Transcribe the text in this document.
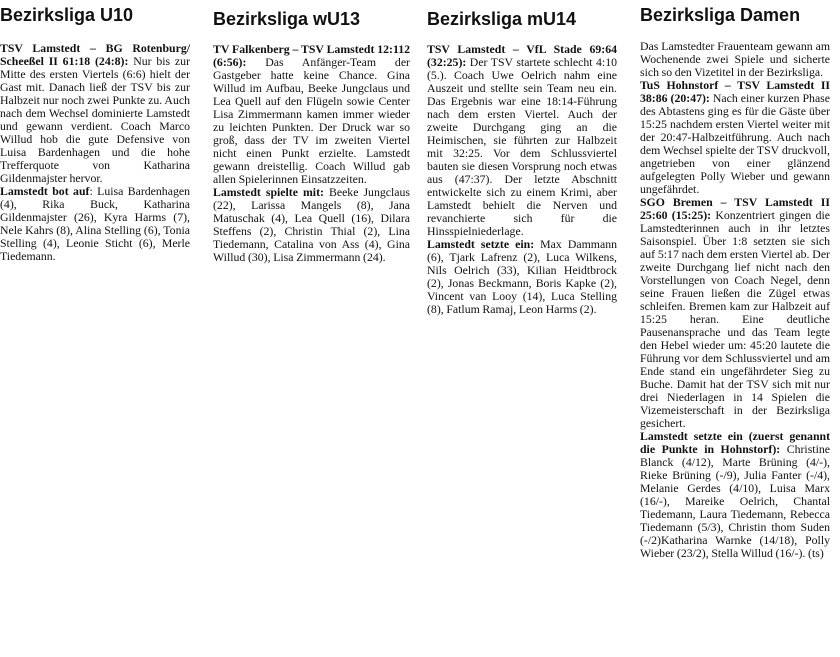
Bezirksliga U10

TSV Lamstedt – BG Rotenburg/ Scheeßel II 61:18 (24:8): Nur bis zur Mitte des ersten Viertels (6:6) hielt der Gast mit. Danach ließ der TSV bis zur Halbzeit nur noch zwei Punkte zu. Auch nach dem Wechsel dominierte Lamstedt und gewann verdient. Coach Marco Willud hob die gute Defensive von Luisa Bardenhagen und die hohe Trefferquote von Katharina Gildenmajster hervor.

Lamstedt bot auf: Luisa Bardenhagen (4), Rika Buck, Katharina Gildenmajster (26), Kyra Harms (7), Nele Kahrs (8), Alina Stelling (6), Tonia Stelling (4), Leonie Sticht (6), Merle Tiedemann.

Bezirksliga wU13

TV Falkenberg – TSV Lamstedt 12:112 (6:56): Das Anfänger-Team der Gastgeber hatte keine Chance. Gina Willud im Aufbau, Beeke Jungclaus und Lea Quell auf den Flügeln sowie Center Lisa Zimmermann kamen immer wieder zu leichten Punkten. Der Druck war so groß, dass der TV im zweiten Viertel nicht einen Punkt erzielte. Lamstedt gewann dreistellig. Coach Willud gab allen Spielerinnen Einsatzzeiten.

Lamstedt spielte mit: Beeke Jungclaus (22), Larissa Mangels (8), Jana Matuschak (4), Lea Quell (16), Dilara Steffens (2), Christin Thial (2), Lina Tiedemann, Catalina von Ass (4), Gina Willud (30), Lisa Zimmermann (24).

Bezirksliga mU14

TSV Lamstedt – VfL Stade 69:64 (32:25): Der TSV startete schlecht 4:10 (5.). Coach Uwe Oelrich nahm eine Auszeit und stellte sein Team neu ein. Das Ergebnis war eine 18:14-Führung nach dem ersten Viertel. Auch der zweite Durchgang ging an die Heimischen, sie führten zur Halbzeit mit 32:25. Vor dem Schlussviertel bauten sie diesen Vorsprung noch etwas aus (47:37). Der letzte Abschnitt entwickelte sich zu einem Krimi, aber Lamstedt behielt die Nerven und revanchierte sich für die Hinsspielniederlage.

Lamstedt setzte ein: Max Dammann (6), Tjark Lafrenz (2), Luca Wilkens, Nils Oelrich (33), Kilian Heidtbrock (2), Jonas Beckmann, Boris Kapke (2), Vincent van Looy (14), Luca Stelling (8), Fatlum Ramaj, Leon Harms (2).

Bezirksliga Damen

Das Lamstedter Frauenteam gewann am Wochenende zwei Spiele und sicherte sich so den Vizetitel in der Bezirksliga.

TuS Hohnstorf – TSV Lamstedt II 38:86 (20:47): Nach einer kurzen Phase des Abtastens ging es für die Gäste über 15:25 nachdem ersten Viertel weiter mit der 20:47-Halbzeitführung. Auch nach dem Wechsel spielte der TSV druckvoll, angetrieben von einer glänzend aufgelegten Polly Wieber und gewann ungefährdet.

SGO Bremen – TSV Lamstedt II 25:60 (15:25): Konzentriert gingen die Lamstedterinnen auch in ihr letztes Saisonspiel. Über 1:8 setzten sie sich auf 5:17 nach dem ersten Viertel ab. Der zweite Durchgang lief nicht nach den Vorstellungen von Coach Negel, denn seine Frauen ließen die Zügel etwas schleifen. Bremen kam zur Halbzeit auf 15:25 heran. Eine deutliche Pausenansprache und das Team legte den Hebel wieder um: 45:20 lautete die Führung vor dem Schlussviertel und am Ende stand ein ungefährdeter Sieg zu Buche. Damit hat der TSV sich mit nur drei Niederlagen in 14 Spielen die Vizemeisterschaft in der Bezirksliga gesichert.

Lamstedt setzte ein (zuerst genannt die Punkte in Hohnstorf): Christine Blanck (4/12), Marte Brüning (4/-), Rieke Brüning (-/9), Julia Fanter (-/4), Melanie Gerdes (4/10), Luisa Marx (16/-), Mareike Oelrich, Chantal Tiedemann, Laura Tiedemann, Rebecca Tiedemann (5/3), Christin thom Suden (-/2)Katharina Warnke (14/18), Polly Wieber (23/2), Stella Willud (16/-). (ts)
